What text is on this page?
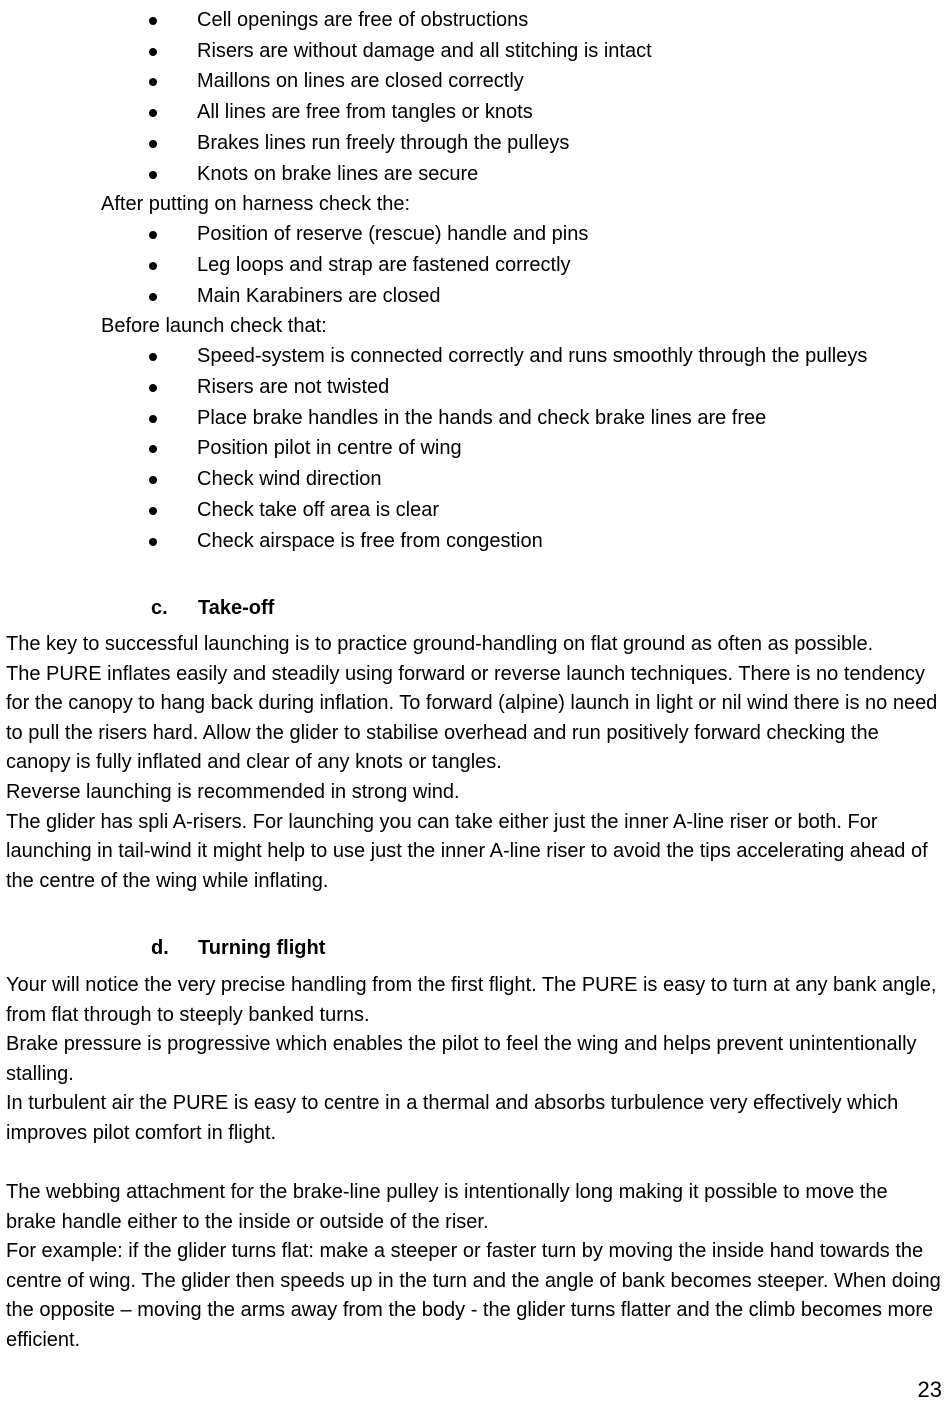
Cell openings are free of obstructions
Risers are without damage and all stitching is intact
Maillons on lines are closed correctly
All lines are free from tangles or knots
Brakes lines run freely through the pulleys
Knots on brake lines are secure
After putting on harness check the:
Position of reserve (rescue) handle and pins
Leg loops and strap are fastened correctly
Main Karabiners are closed
Before launch check that:
Speed-system is connected correctly and runs smoothly through the pulleys
Risers are not twisted
Place brake handles in the hands and check brake lines are free
Position pilot in centre of wing
Check wind direction
Check take off area is clear
Check airspace is free from congestion
c. Take-off

The key to successful launching is to practice ground-handling on flat ground as often as possible.

The PURE inflates easily and steadily using forward or reverse launch techniques. There is no tendency for the canopy to hang back during inflation. To forward (alpine) launch in light or nil wind there is no need to pull the risers hard. Allow the glider to stabilise overhead and run positively forward checking the canopy is fully inflated and clear of any knots or tangles.

Reverse launching is recommended in strong wind.

The glider has spli A-risers. For launching you can take either just the inner A-line riser or both. For launching in tail-wind it might help to use just the inner A-line riser to avoid the tips accelerating ahead of the centre of the wing while inflating.

d. Turning flight

Your will notice the very precise handling from the first flight. The PURE is easy to turn at any bank angle, from flat through to steeply banked turns.

Brake pressure is progressive which enables the pilot to feel the wing and helps prevent unintentionally stalling.

In turbulent air the PURE is easy to centre in a thermal and absorbs turbulence very effectively which improves pilot comfort in flight.

The webbing attachment for the brake-line pulley is intentionally long making it possible to move the brake handle either to the inside or outside of the riser.

For example: if the glider turns flat: make a steeper or faster turn by moving the inside hand towards the centre of wing. The glider then speeds up in the turn and the angle of bank becomes steeper. When doing the opposite – moving the arms away from the body - the glider turns flatter and the climb becomes more efficient.

23
